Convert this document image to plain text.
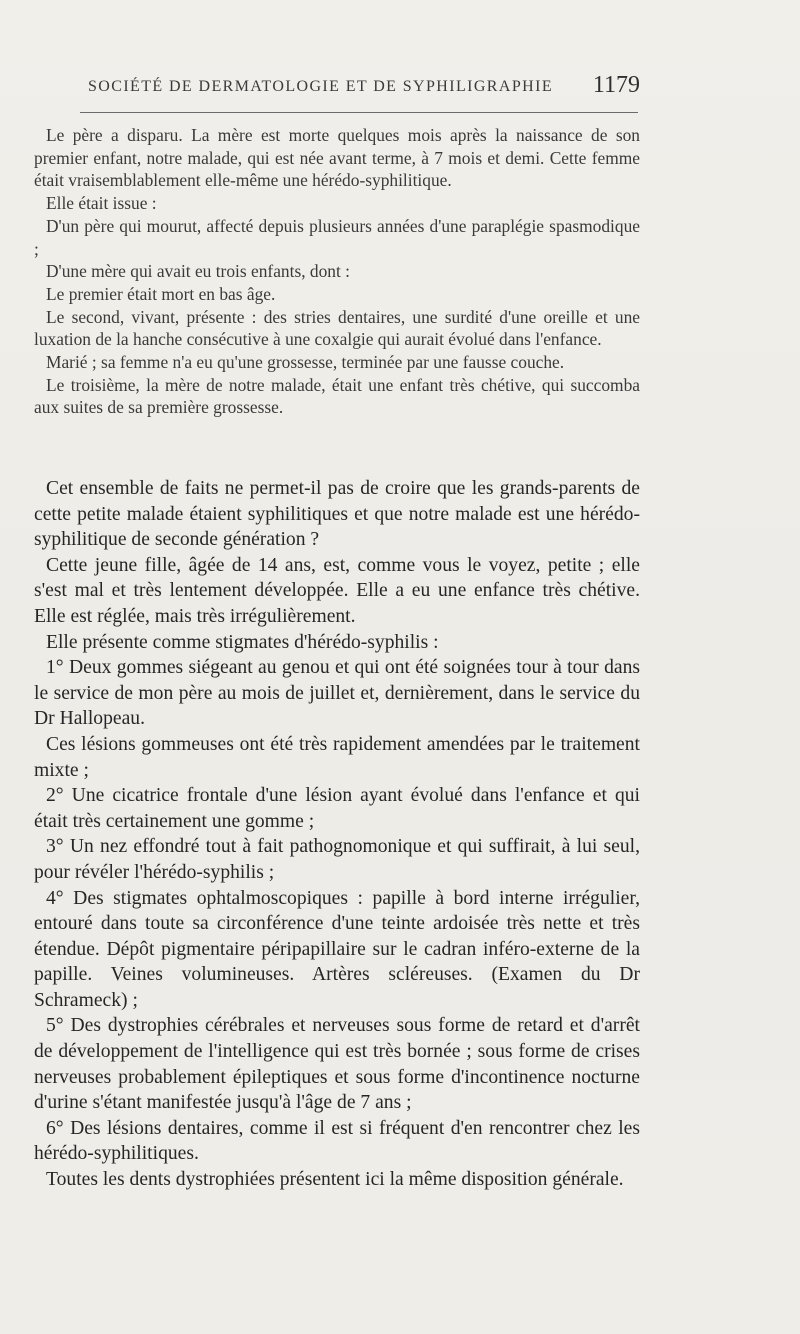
SOCIÉTÉ DE DERMATOLOGIE ET DE SYPHILIGRAPHIE 1179

Le père a disparu. La mère est morte quelques mois après la naissance de son premier enfant, notre malade, qui est née avant terme, à 7 mois et demi. Cette femme était vraisemblablement elle-même une hérédo-syphilitique.

Elle était issue :

D'un père qui mourut, affecté depuis plusieurs années d'une paraplégie spasmodique ;

D'une mère qui avait eu trois enfants, dont :

Le premier était mort en bas âge.

Le second, vivant, présente : des stries dentaires, une surdité d'une oreille et une luxation de la hanche consécutive à une coxalgie qui aurait évolué dans l'enfance.

Marié ; sa femme n'a eu qu'une grossesse, terminée par une fausse couche.

Le troisième, la mère de notre malade, était une enfant très chétive, qui succomba aux suites de sa première grossesse.

Cet ensemble de faits ne permet-il pas de croire que les grands-parents de cette petite malade étaient syphilitiques et que notre malade est une hérédo-syphilitique de seconde génération ?

Cette jeune fille, âgée de 14 ans, est, comme vous le voyez, petite ; elle s'est mal et très lentement développée. Elle a eu une enfance très chétive. Elle est réglée, mais très irrégulièrement.

Elle présente comme stigmates d'hérédo-syphilis :

1° Deux gommes siégeant au genou et qui ont été soignées tour à tour dans le service de mon père au mois de juillet et, dernièrement, dans le service du Dr Hallopeau.

Ces lésions gommeuses ont été très rapidement amendées par le traitement mixte ;

2° Une cicatrice frontale d'une lésion ayant évolué dans l'enfance et qui était très certainement une gomme ;

3° Un nez effondré tout à fait pathognomonique et qui suffirait, à lui seul, pour révéler l'hérédo-syphilis ;

4° Des stigmates ophtalmoscopiques : papille à bord interne irrégulier, entouré dans toute sa circonférence d'une teinte ardoisée très nette et très étendue. Dépôt pigmentaire péripapillaire sur le cadran inféro-externe de la papille. Veines volumineuses. Artères scléreuses. (Examen du Dr Schrameck) ;

5° Des dystrophies cérébrales et nerveuses sous forme de retard et d'arrêt de développement de l'intelligence qui est très bornée ; sous forme de crises nerveuses probablement épileptiques et sous forme d'incontinence nocturne d'urine s'étant manifestée jusqu'à l'âge de 7 ans ;

6° Des lésions dentaires, comme il est si fréquent d'en rencontrer chez les hérédo-syphilitiques.

Toutes les dents dystrophiées présentent ici la même disposition générale.
